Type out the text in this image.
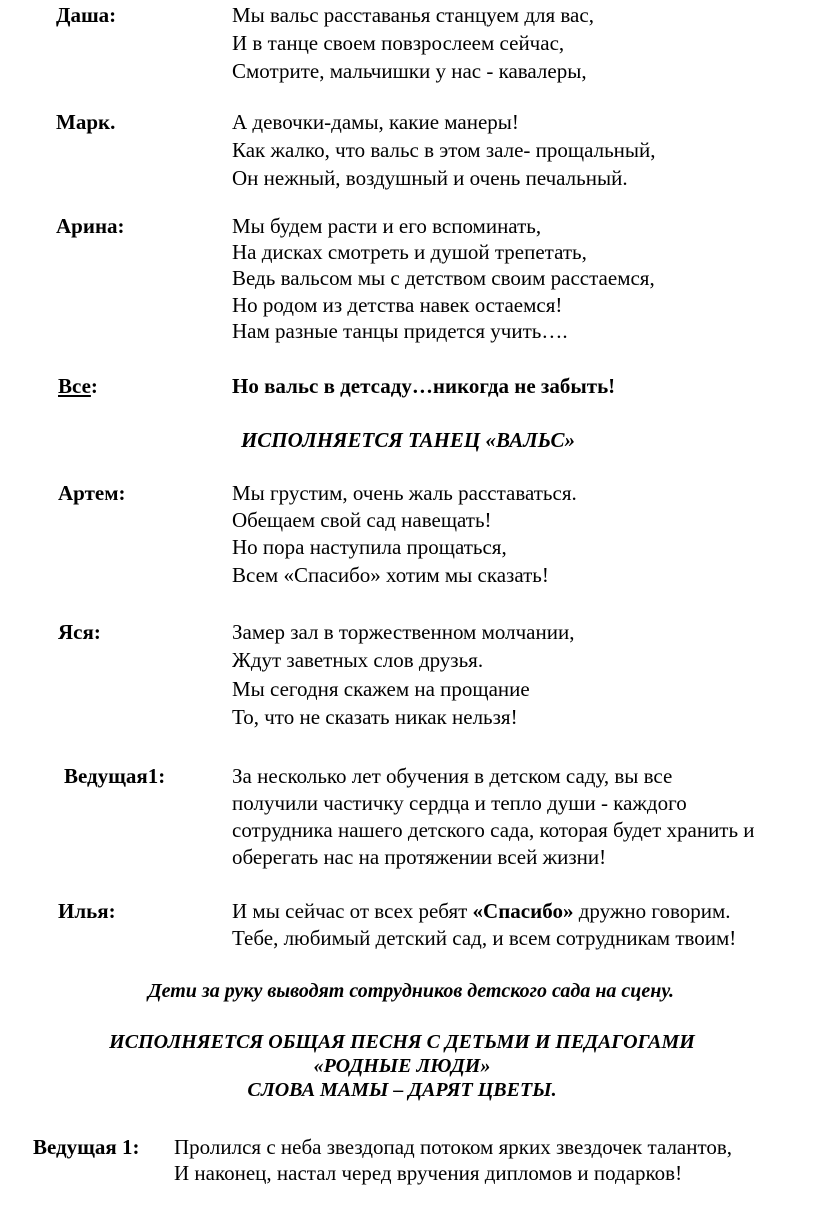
Даша:	Мы вальс расставанья станцуем для вас,
И в танце своем повзрослеем сейчас,
Смотрите, мальчишки у нас - кавалеры,
Марк.	А девочки-дамы, какие манеры!
Как жалко, что вальс в этом зале- прощальный,
Он нежный, воздушный и очень печальный.
Арина:	Мы будем расти и его вспоминать,
На дисках смотреть и душой трепетать,
Ведь вальсом мы с детством своим расстаемся,
Но родом из детства навек остаемся!
Нам разные танцы придется учить….
Все:	Но вальс в детсаду…никогда не забыть!
ИСПОЛНЯЕТСЯ ТАНЕЦ «ВАЛЬС»
Артем:	Мы грустим, очень жаль расставаться.
Обещаем свой сад навещать!
Но пора наступила прощаться,
Всем «Спасибо» хотим мы сказать!
Яся:	Замер зал в торжественном молчании,
Ждут заветных слов друзья.
Мы сегодня скажем на прощание
То, что не сказать никак нельзя!
Ведущая1:	За несколько лет обучения в детском саду, вы все
получили частичку сердца и тепло души - каждого
сотрудника нашего детского сада, которая будет хранить и
оберегать нас на протяжении всей жизни!
Илья:	И мы сейчас от всех ребят «Спасибо» дружно говорим.
Тебе, любимый детский сад, и всем сотрудникам твоим!
Дети за руку выводят сотрудников детского сада на сцену.
ИСПОЛНЯЕТСЯ ОБЩАЯ ПЕСНЯ С ДЕТЬМИ И ПЕДАГОГАМИ
«РОДНЫЕ ЛЮДИ»
СЛОВА МАМЫ – ДАРЯТ ЦВЕТЫ.
Ведущая 1: Пролился с неба звездопад потоком ярких звездочек талантов,
И наконец, настал черед вручения дипломов и подарков!
